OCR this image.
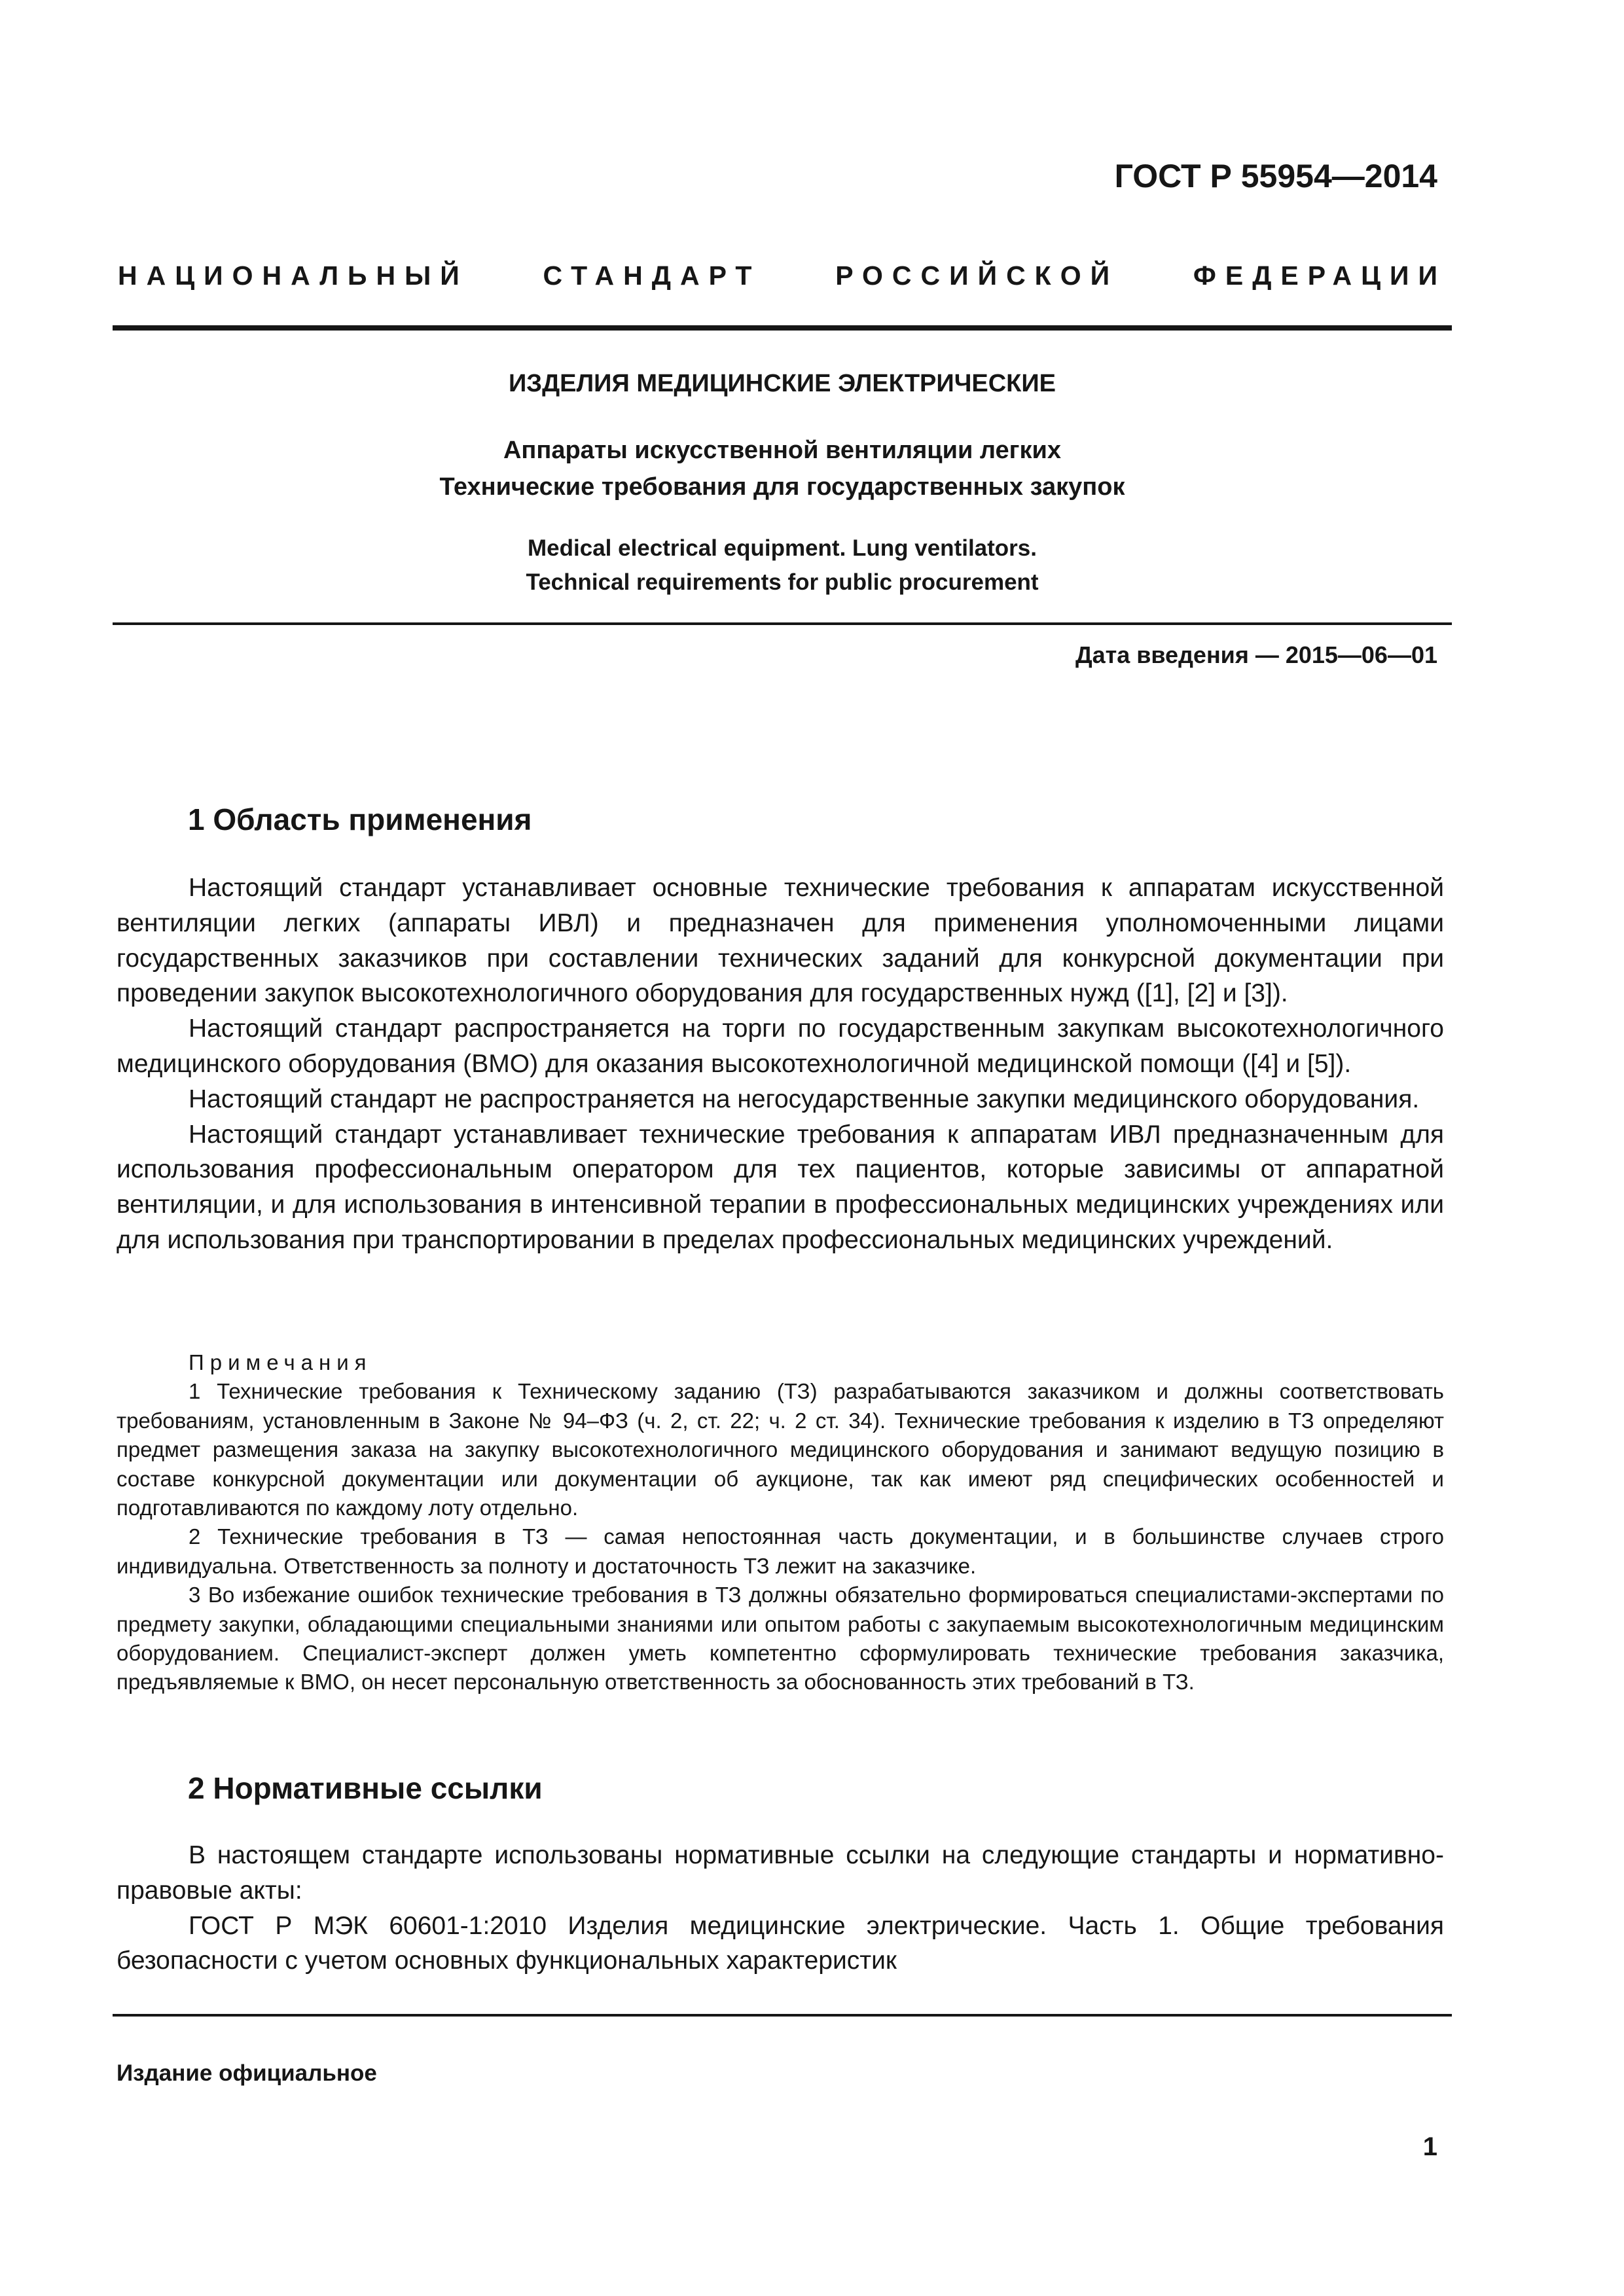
ГОСТ Р 55954—2014
НАЦИОНАЛЬНЫЙ СТАНДАРТ РОССИЙСКОЙ ФЕДЕРАЦИИ
ИЗДЕЛИЯ МЕДИЦИНСКИЕ ЭЛЕКТРИЧЕСКИЕ
Аппараты искусственной вентиляции легких
Технические требования для государственных закупок
Medical electrical equipment. Lung ventilators.
Technical requirements for public procurement
Дата введения — 2015—06—01
1 Область применения

Настоящий стандарт устанавливает основные технические требования к аппаратам искусственной вентиляции легких (аппараты ИВЛ) и предназначен для применения уполномоченными лицами государственных заказчиков при составлении технических заданий для конкурсной документации при проведении закупок высокотехнологичного оборудования для государственных нужд ([1], [2] и [3]).

Настоящий стандарт распространяется на торги по государственным закупкам высокотехнологичного медицинского оборудования (ВМО) для оказания высокотехнологичной медицинской помощи ([4] и [5]).

Настоящий стандарт не распространяется на негосударственные закупки медицинского оборудования.

Настоящий стандарт устанавливает технические требования к аппаратам ИВЛ предназначенным для использования профессиональным оператором для тех пациентов, которые зависимы от аппаратной вентиляции, и для использования в интенсивной терапии в профессиональных медицинских учреждениях или для использования при транспортировании в пределах профессиональных медицинских учреждений.

Примечания

1 Технические требования к Техническому заданию (ТЗ) разрабатываются заказчиком и должны соответствовать требованиям, установленным в Законе № 94–ФЗ (ч. 2, ст. 22; ч. 2 ст. 34). Технические требования к изделию в ТЗ определяют предмет размещения заказа на закупку высокотехнологичного медицинского оборудования и занимают ведущую позицию в составе конкурсной документации или документации об аукционе, так как имеют ряд специфических особенностей и подготавливаются по каждому лоту отдельно.

2 Технические требования в ТЗ — самая непостоянная часть документации, и в большинстве случаев строго индивидуальна. Ответственность за полноту и достаточность ТЗ лежит на заказчике.

3 Во избежание ошибок технические требования в ТЗ должны обязательно формироваться специалистами-экспертами по предмету закупки, обладающими специальными знаниями или опытом работы с закупаемым высокотехнологичным медицинским оборудованием. Специалист-эксперт должен уметь компетентно сформулировать технические требования заказчика, предъявляемые к ВМО, он несет персональную ответственность за обоснованность этих требований в ТЗ.

2 Нормативные ссылки

В настоящем стандарте использованы нормативные ссылки на следующие стандарты и нормативно-правовые акты:

ГОСТ Р МЭК 60601-1:2010 Изделия медицинские электрические. Часть 1. Общие требования безопасности с учетом основных функциональных характеристик

Издание официальное
1
